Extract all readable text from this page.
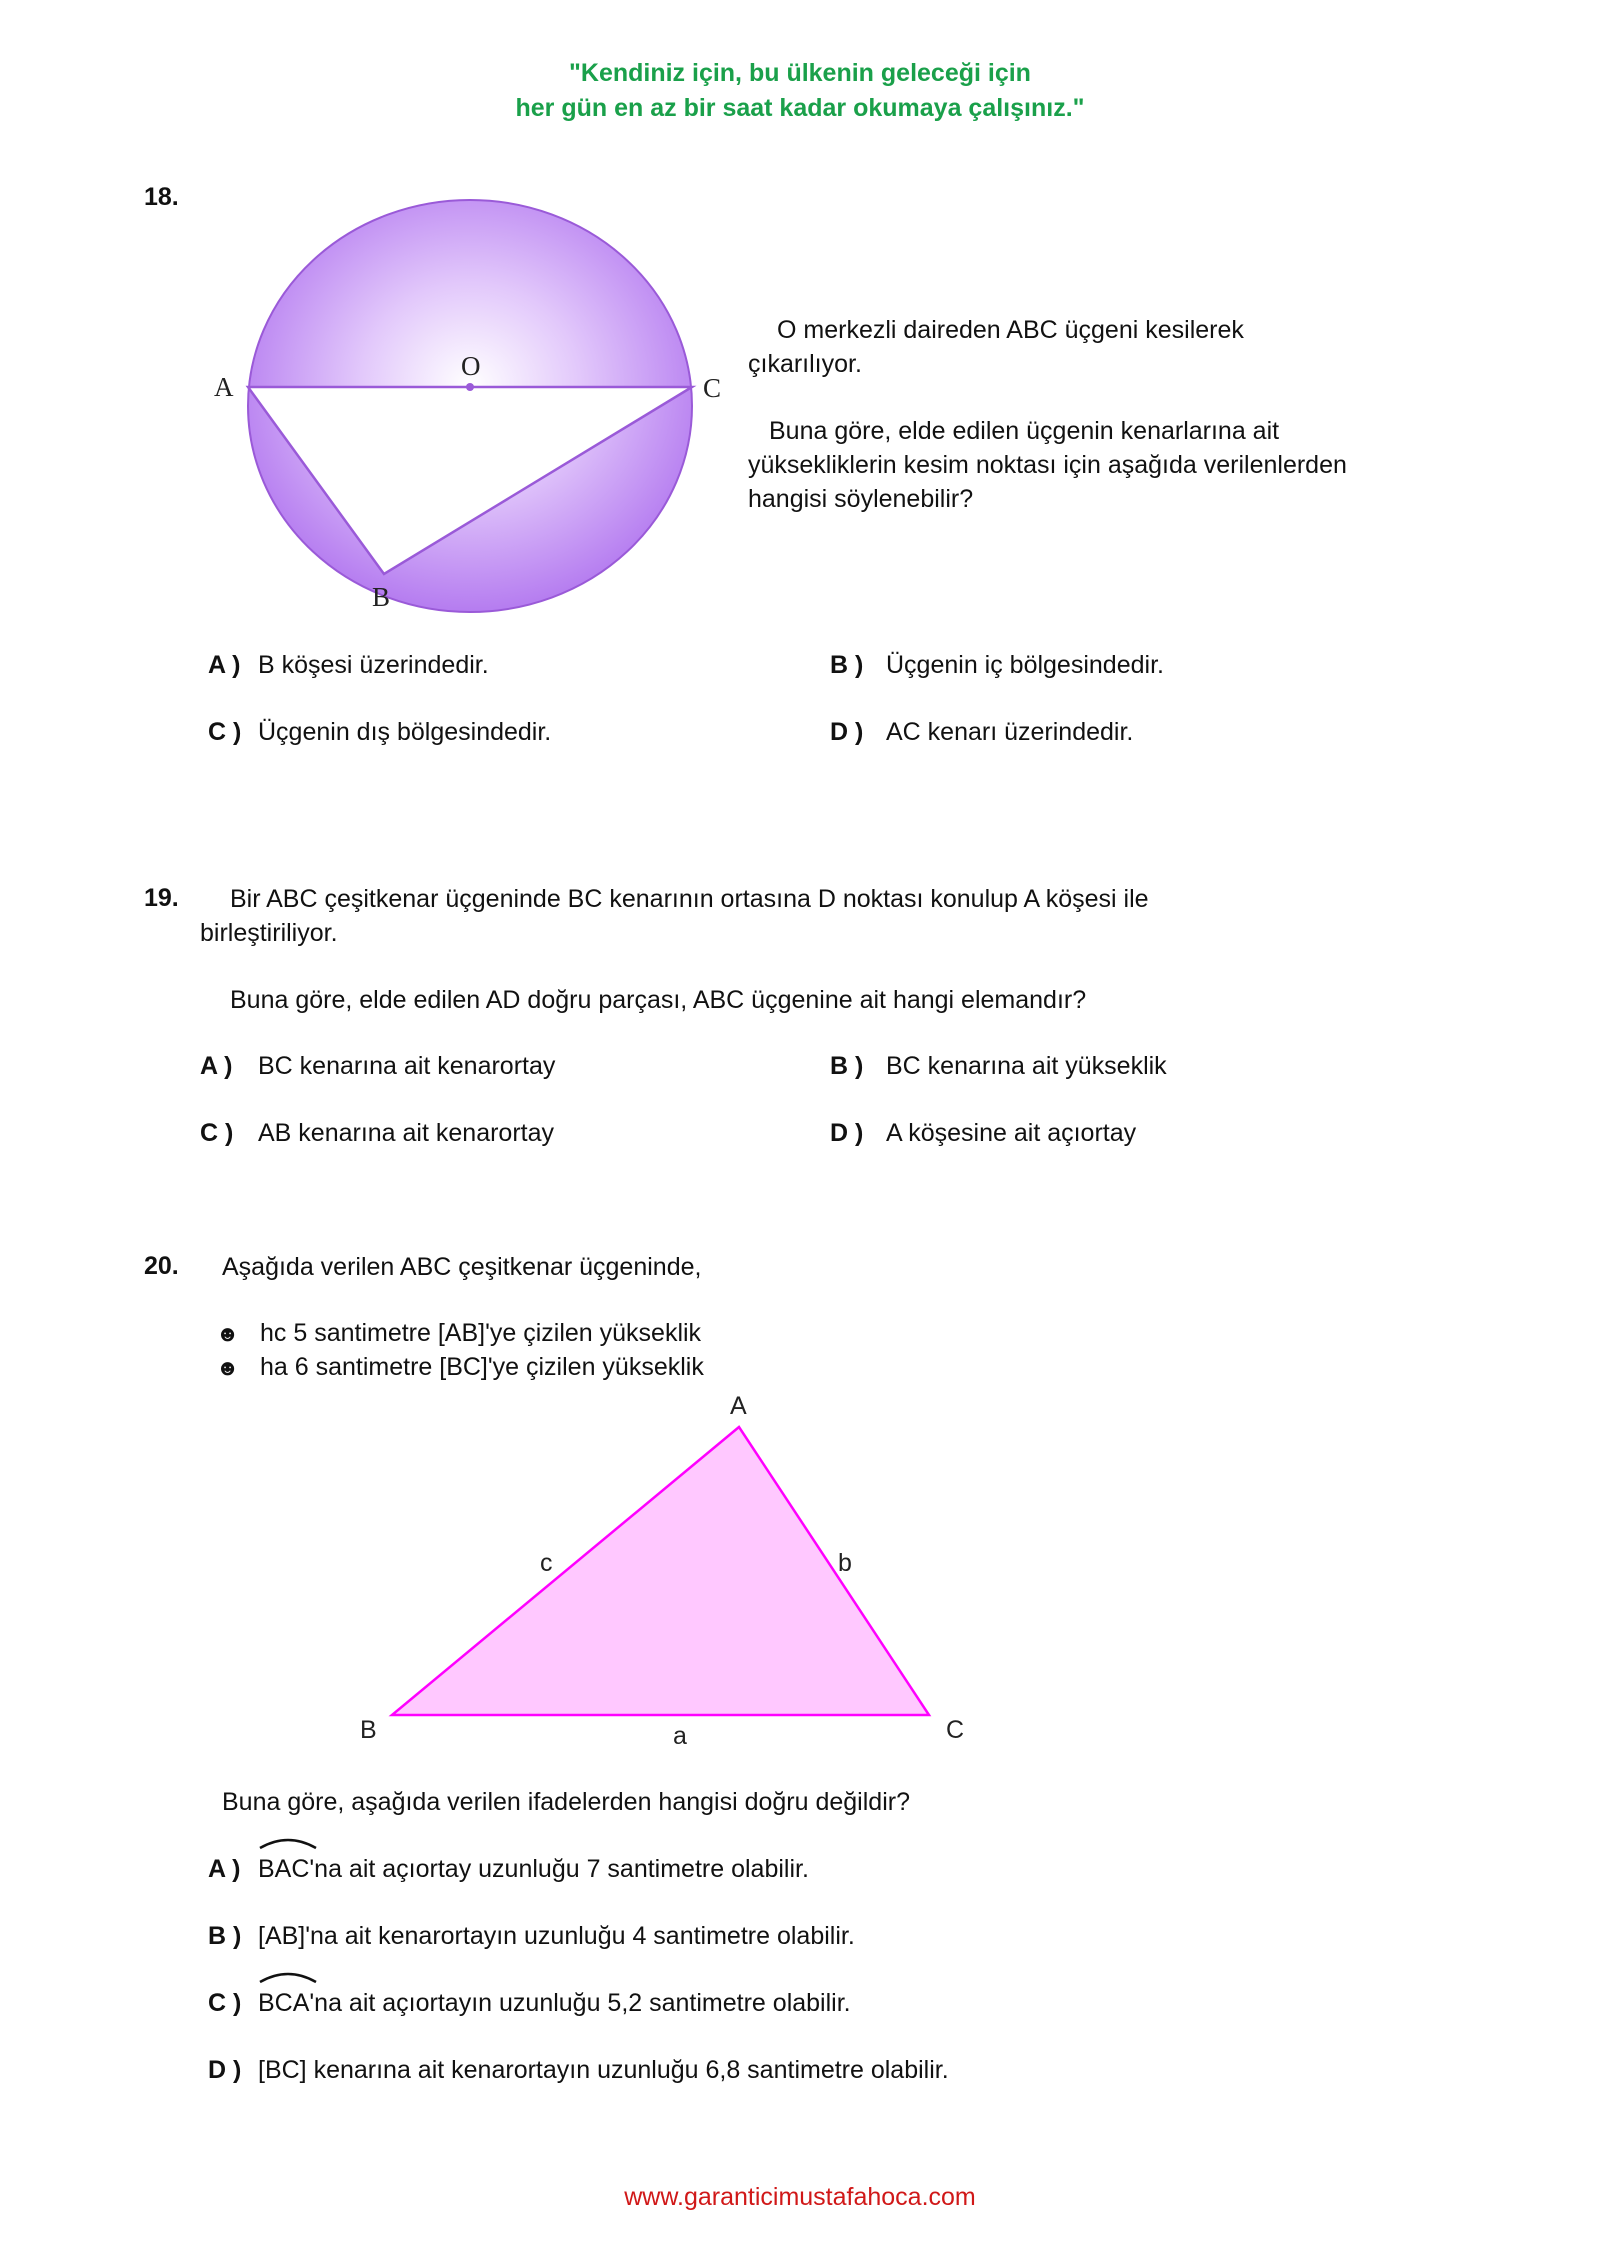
"Kendiniz için, bu ülkenin geleceği için
her gün en az bir saat kadar okumaya çalışınız."
18.
A
O
C
B
O merkezli daireden ABC üçgeni kesilerek
çıkarılıyor.
Buna göre, elde edilen üçgenin kenarlarına ait
yüksekliklerin kesim noktası için aşağıda verilenlerden
hangisi söylenebilir?
A ) B köşesi üzerindedir.	B ) Üçgenin iç bölgesindedir.
C ) Üçgenin dış bölgesindedir.	D ) AC kenarı üzerindedir.
19. Bir ABC çeşitkenar üçgeninde BC kenarının ortasına D noktası konulup A köşesi ile
birleştiriliyor.
Buna göre, elde edilen AD doğru parçası, ABC üçgenine ait hangi elemandır?
A ) BC kenarına ait kenarortay	B ) BC kenarına ait yükseklik
C ) AB kenarına ait kenarortay	D ) A köşesine ait açıortay
20. Aşağıda verilen ABC çeşitkenar üçgeninde,
☻ hc 5 santimetre [AB]'ye çizilen yükseklik
☻ ha 6 santimetre [BC]'ye çizilen yükseklik
A
B	C
a
b
c
Buna göre, aşağıda verilen ifadelerden hangisi doğru değildir?
A ) BAC'na ait açıortay uzunluğu 7 santimetre olabilir.
B ) [AB]'na ait kenarortayın uzunluğu 4 santimetre olabilir.
C ) BCA'na ait açıortayın uzunluğu 5,2 santimetre olabilir.
D ) [BC] kenarına ait kenarortayın uzunluğu 6,8 santimetre olabilir.
www.garanticimustafahoca.com
